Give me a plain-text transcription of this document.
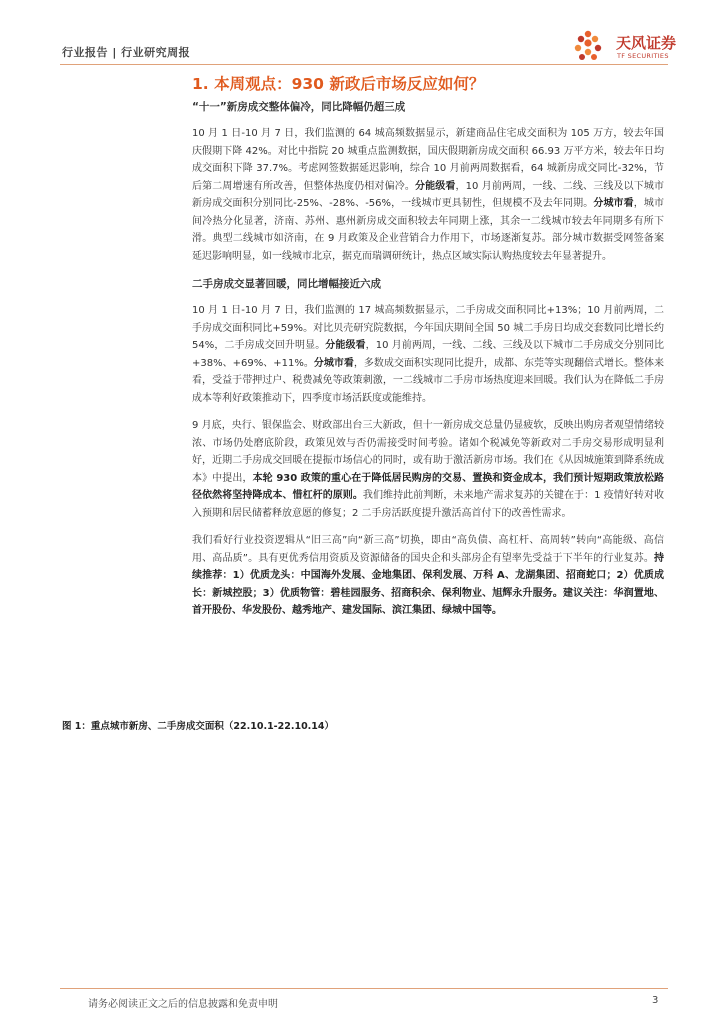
行业报告 | 行业研究周报
天风证券
TF SECURITIES
1. 本周观点：930 新政后市场反应如何？
“十一”新房成交整体偏冷，同比降幅仍超三成
10 月 1 日-10 月 7 日，我们监测的 64 城高频数据显示，新建商品住宅成交面积为 105 万方，较去年国庆假期下降 42%。对比中指院 20 城重点监测数据，国庆假期新房成交面积 66.93 万平方米，较去年日均成交面积下降 37.7%。考虑网签数据延迟影响，综合 10 月前两周数据看，64 城新房成交同比-32%，节后第二周增速有所改善，但整体热度仍相对偏冷。分能级看，10 月前两周，一线、二线、三线及以下城市新房成交面积分别同比-25%、-28%、-56%，一线城市更具韧性，但规模不及去年同期。分城市看，城市间冷热分化显著，济南、苏州、惠州新房成交面积较去年同期上涨，其余一二线城市较去年同期多有所下滑。典型二线城市如济南，在 9 月政策及企业营销合力作用下，市场逐渐复苏。部分城市数据受网签备案延迟影响明显，如一线城市北京，据克而瑞调研统计，热点区域实际认购热度较去年显著提升。
二手房成交显著回暖，同比增幅接近六成
10 月 1 日-10 月 7 日，我们监测的 17 城高频数据显示，二手房成交面积同比+13%；10 月前两周，二手房成交面积同比+59%。对比贝壳研究院数据，今年国庆期间全国 50 城二手房日均成交套数同比增长约 54%，二手房成交回升明显。分能级看，10 月前两周，一线、二线、三线及以下城市二手房成交分别同比+38%、+69%、+11%。分城市看，多数成交面积实现同比提升，成都、东莞等实现翻倍式增长。整体来看，受益于带押过户、税费减免等政策刺激，一二线城市二手房市场热度迎来回暖。我们认为在降低二手房成本等利好政策推动下，四季度市场活跃度或能维持。
9 月底，央行、银保监会、财政部出台三大新政，但十一新房成交总量仍显疲软，反映出购房者观望情绪较浓、市场仍处磨底阶段，政策见效与否仍需接受时间考验。诸如个税减免等新政对二手房交易形成明显利好，近期二手房成交回暖在提振市场信心的同时，或有助于激活新房市场。我们在《从因城施策到降系统成本》中提出，本轮 930 政策的重心在于降低居民购房的交易、置换和资金成本，我们预计短期政策放松路径依然将坚持降成本、惜杠杆的原则。我们维持此前判断，未来地产需求复苏的关键在于：1 疫情好转对收入预期和居民储蓄释放意愿的修复；2 二手房活跃度提升激活高首付下的改善性需求。
我们看好行业投资逻辑从“旧三高”向“新三高”切换，即由“高负债、高杠杆、高周转”转向“高能级、高信用、高品质”。具有更优秀信用资质及资源储备的国央企和头部房企有望率先受益于下半年的行业复苏。持续推荐：1）优质龙头：中国海外发展、金地集团、保利发展、万科 A、龙湖集团、招商蛇口；2）优质成长：新城控股；3）优质物管：碧桂园服务、招商积余、保利物业、旭辉永升服务。建议关注：华润置地、首开股份、华发股份、越秀地产、建发国际、滨江集团、绿城中国等。
图 1：重点城市新房、二手房成交面积（22.10.1-22.10.14）
请务必阅读正文之后的信息披露和免责申明	3
